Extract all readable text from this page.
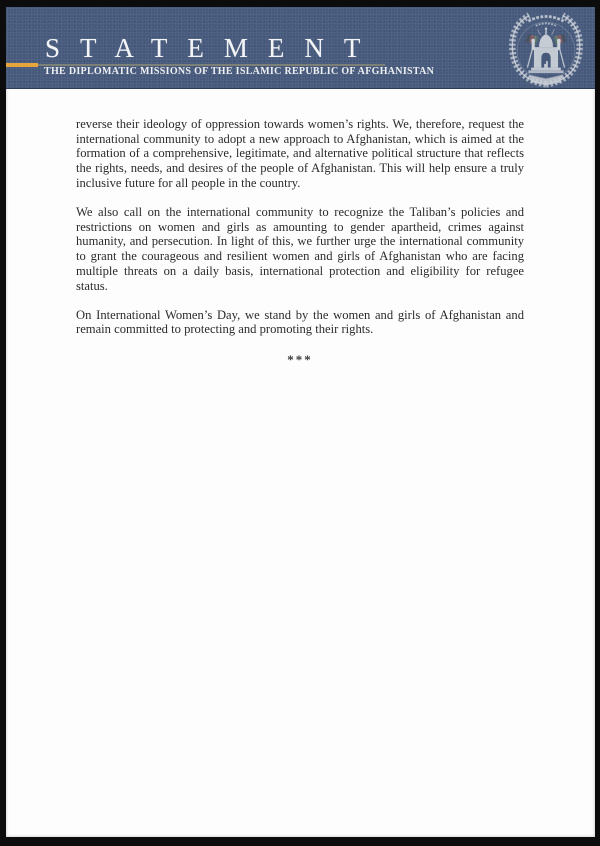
STATEMENT
THE DIPLOMATIC MISSIONS OF THE ISLAMIC REPUBLIC OF AFGHANISTAN

reverse their ideology of oppression towards women’s rights. We, therefore, request the international community to adopt a new approach to Afghanistan, which is aimed at the formation of a comprehensive, legitimate, and alternative political structure that reflects the rights, needs, and desires of the people of Afghanistan. This will help ensure a truly inclusive future for all people in the country.

We also call on the international community to recognize the Taliban’s policies and restrictions on women and girls as amounting to gender apartheid, crimes against humanity, and persecution. In light of this, we further urge the international community to grant the courageous and resilient women and girls of Afghanistan who are facing multiple threats on a daily basis, international protection and eligibility for refugee status.

On International Women’s Day, we stand by the women and girls of Afghanistan and remain committed to protecting and promoting their rights.

***
